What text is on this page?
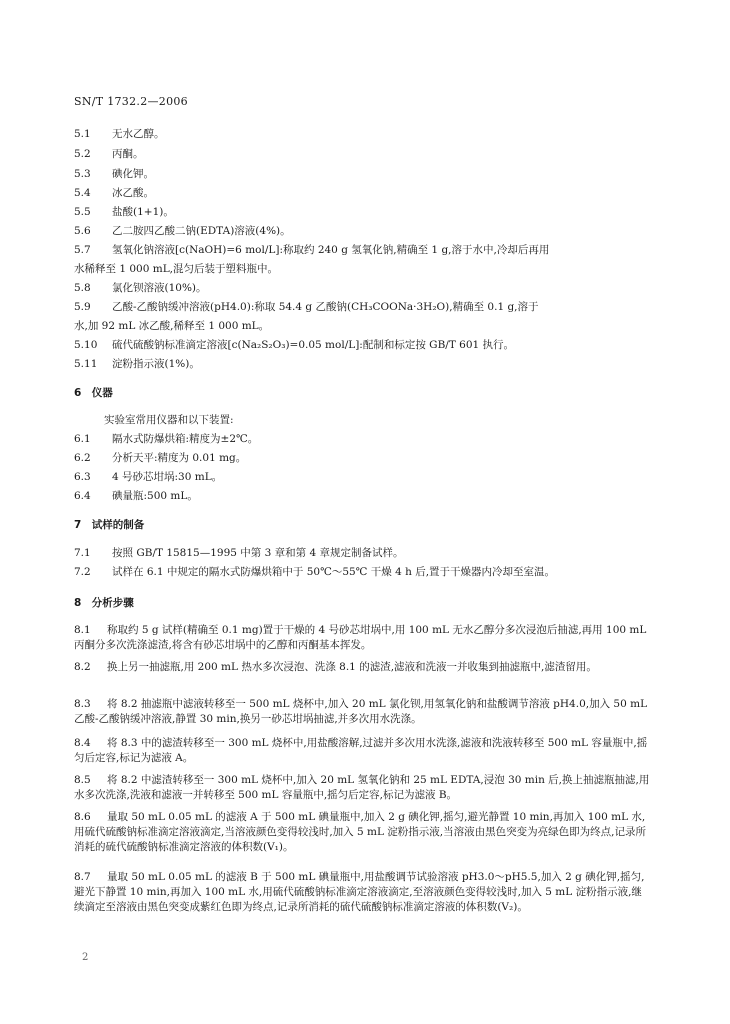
SN/T 1732.2—2006
5.1 无水乙醇。
5.2 丙酮。
5.3 碘化钾。
5.4 冰乙酸。
5.5 盐酸(1+1)。
5.6 乙二胺四乙酸二钠(EDTA)溶液(4%)。
5.7 氢氧化钠溶液[c(NaOH)=6 mol/L]:称取约 240 g 氢氧化钠,精确至 1 g,溶于水中,冷却后再用
水稀释至 1 000 mL,混匀后装于塑料瓶中。
5.8 氯化钡溶液(10%)。
5.9 乙酸-乙酸钠缓冲溶液(pH4.0):称取 54.4 g 乙酸钠(CH₃COONa·3H₂O),精确至 0.1 g,溶于
水,加 92 mL 冰乙酸,稀释至 1 000 mL。
5.10 硫代硫酸钠标准滴定溶液[c(Na₂S₂O₃)=0.05 mol/L]:配制和标定按 GB/T 601 执行。
5.11 淀粉指示液(1%)。
6　仪器
实验室常用仪器和以下装置:
6.1 隔水式防爆烘箱:精度为±2℃。
6.2 分析天平:精度为 0.01 mg。
6.3 4 号砂芯坩埚:30 mL。
6.4 碘量瓶:500 mL。
7　试样的制备
7.1 按照 GB/T 15815—1995 中第 3 章和第 4 章规定制备试样。
7.2 试样在 6.1 中规定的隔水式防爆烘箱中于 50℃～55℃ 干燥 4 h 后,置于干燥器内冷却至室温。
8　分析步骤
8.1 称取约 5 g 试样(精确至 0.1 mg)置于干燥的 4 号砂芯坩埚中,用 100 mL 无水乙醇分多次浸泡后抽滤,再用 100 mL 丙酮分多次洗涤滤渣,将含有砂芯坩埚中的乙醇和丙酮基本挥发。
8.2 换上另一抽滤瓶,用 200 mL 热水多次浸泡、洗涤 8.1 的滤渣,滤液和洗液一并收集到抽滤瓶中,滤渣留用。
8.3 将 8.2 抽滤瓶中滤液转移至一 500 mL 烧杯中,加入 20 mL 氯化钡,用氢氧化钠和盐酸调节溶液 pH4.0,加入 50 mL 乙酸-乙酸钠缓冲溶液,静置 30 min,换另一砂芯坩埚抽滤,并多次用水洗涤。
8.4 将 8.3 中的滤渣转移至一 300 mL 烧杯中,用盐酸溶解,过滤并多次用水洗涤,滤液和洗液转移至 500 mL 容量瓶中,摇匀后定容,标记为滤液 A。
8.5 将 8.2 中滤渣转移至一 300 mL 烧杯中,加入 20 mL 氢氧化钠和 25 mL EDTA,浸泡 30 min 后,换上抽滤瓶抽滤,用水多次洗涤,洗液和滤液一并转移至 500 mL 容量瓶中,摇匀后定容,标记为滤液 B。
8.6 量取 50 mL 0.05 mL 的滤液 A 于 500 mL 碘量瓶中,加入 2 g 碘化钾,摇匀,避光静置 10 min,再加入 100 mL 水,用硫代硫酸钠标准滴定溶液滴定,当溶液颜色变得较浅时,加入 5 mL 淀粉指示液,当溶液由黑色突变为亮绿色即为终点,记录所消耗的硫代硫酸钠标准滴定溶液的体积数(V₁)。
8.7 量取 50 mL 0.05 mL 的滤液 B 于 500 mL 碘量瓶中,用盐酸调节试验溶液 pH3.0～pH5.5,加入 2 g 碘化钾,摇匀,避光下静置 10 min,再加入 100 mL 水,用硫代硫酸钠标准滴定溶液滴定,至溶液颜色变得较浅时,加入 5 mL 淀粉指示液,继续滴定至溶液由黑色突变成紫红色即为终点,记录所消耗的硫代硫酸钠标准滴定溶液的体积数(V₂)。
2
